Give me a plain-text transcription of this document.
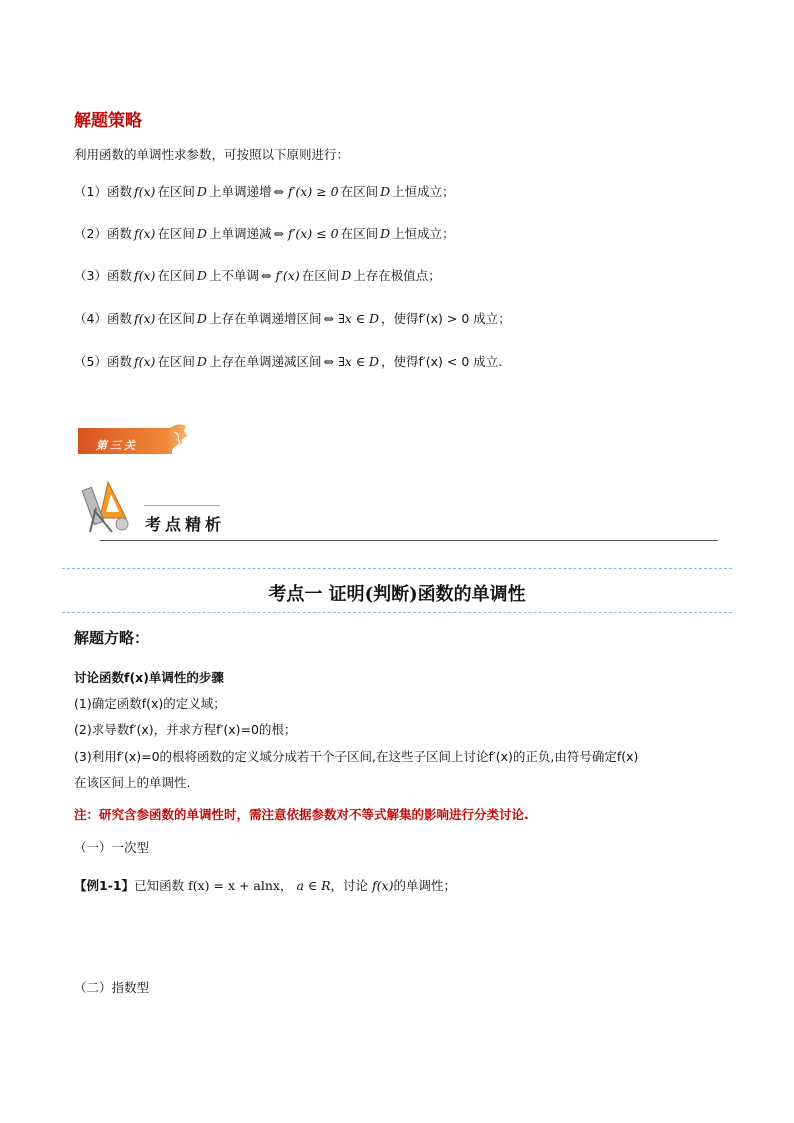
解题策略
利用函数的单调性求参数，可按照以下原则进行：
（1）函数 f(x) 在区间 D 上单调递增 ⇔ f′(x) ≥ 0 在区间 D 上恒成立；
（2）函数 f(x) 在区间 D 上单调递减 ⇔ f′(x) ≤ 0 在区间 D 上恒成立；
（3）函数 f(x) 在区间 D 上不单调 ⇔ f′(x) 在区间 D 上存在极值点；
（4）函数 f(x) 在区间 D 上存在单调递增区间 ⇔ ∃x ∈ D ，使得f′(x) > 0 成立；
（5）函数 f(x) 在区间 D 上存在单调递减区间 ⇔ ∃x ∈ D ，使得f′(x) < 0 成立.
第三关
考点精析
考点一 证明(判断)函数的单调性
解题方略：
讨论函数f(x)单调性的步骤
(1)确定函数f(x)的定义域；
(2)求导数f′(x)，并求方程f′(x)=0的根；
(3)利用f′(x)=0的根将函数的定义域分成若干个子区间,在这些子区间上讨论f′(x)的正负,由符号确定f(x)
在该区间上的单调性.
注：研究含参函数的单调性时，需注意依据参数对不等式解集的影响进行分类讨论.
（一）一次型
【例1-1】已知函数 f(x) = x + alnx， a ∈ R，讨论 f(x)的单调性；
（二）指数型
